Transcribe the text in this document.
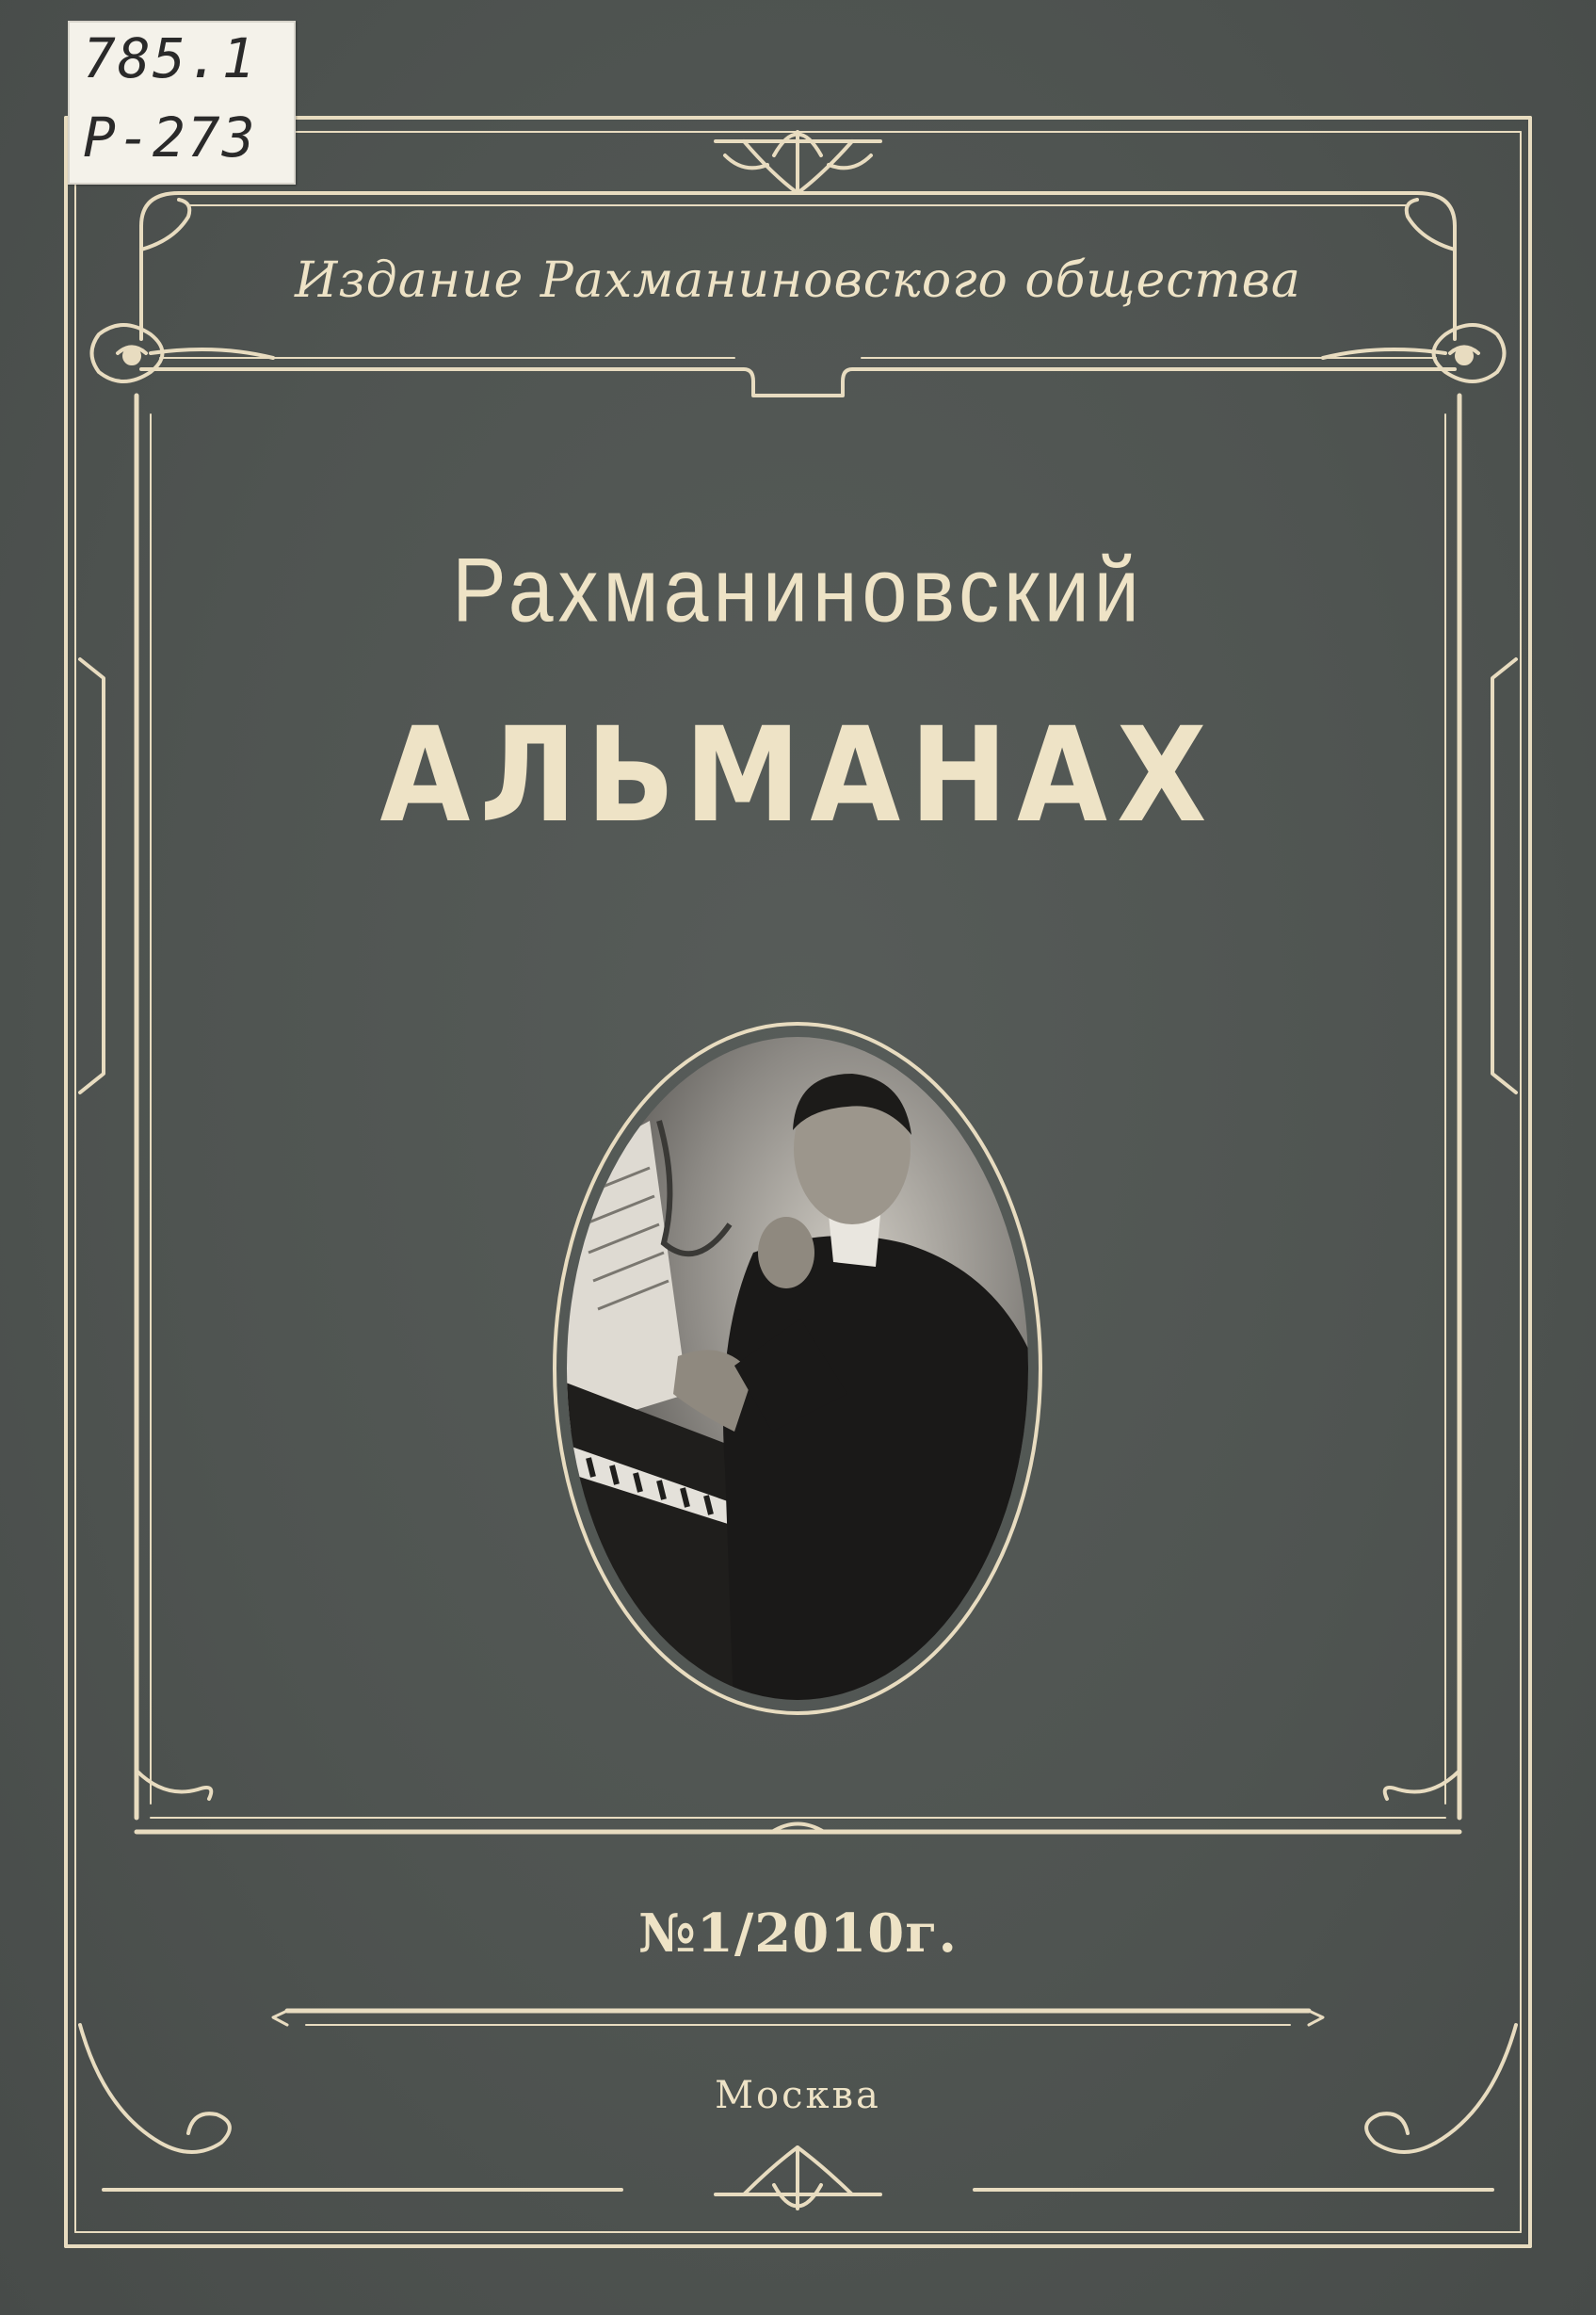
Издание Рахманиновского общества
Рахманиновский
АЛЬМАНАХ
№1/2010г.
Москва
785.1
Р-273
